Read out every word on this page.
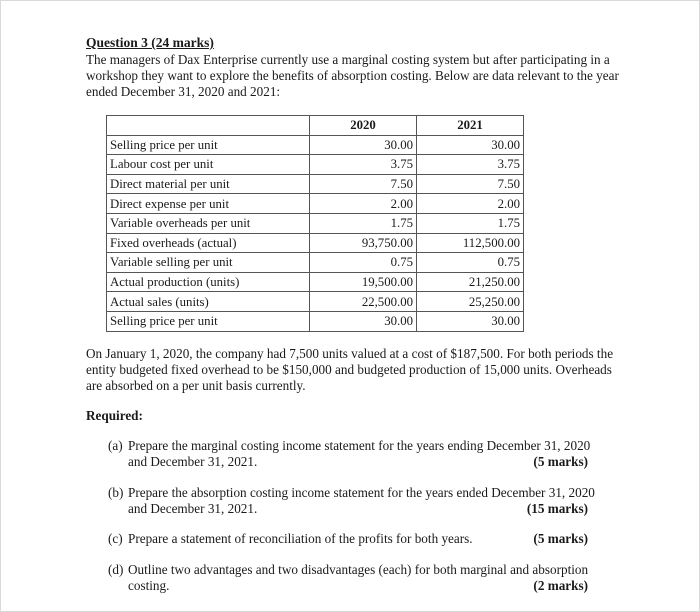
Question 3 (24 marks)
The managers of Dax Enterprise currently use a marginal costing system but after participating in a workshop they want to explore the benefits of absorption costing. Below are data relevant to the year ended December 31, 2020 and 2021:
	2020	2021
Selling price per unit	30.00	30.00
Labour cost per unit	3.75	3.75
Direct material per unit	7.50	7.50
Direct expense per unit	2.00	2.00
Variable overheads per unit	1.75	1.75
Fixed overheads (actual)	93,750.00	112,500.00
Variable selling per unit	0.75	0.75
Actual production (units)	19,500.00	21,250.00
Actual sales (units)	22,500.00	25,250.00
Selling price per unit	30.00	30.00
On January 1, 2020, the company had 7,500 units valued at a cost of $187,500. For both periods the entity budgeted fixed overhead to be $150,000 and budgeted production of 15,000 units. Overheads are absorbed on a per unit basis currently.
Required:
(a) Prepare the marginal costing income statement for the years ending December 31, 2020
and December 31, 2021.	(5 marks)
(b) Prepare the absorption costing income statement for the years ended December 31, 2020
and December 31, 2021.	(15 marks)
(c) Prepare a statement of reconciliation of the profits for both years.	(5 marks)
(d) Outline two advantages and two disadvantages (each) for both marginal and absorption
costing.	(2 marks)
